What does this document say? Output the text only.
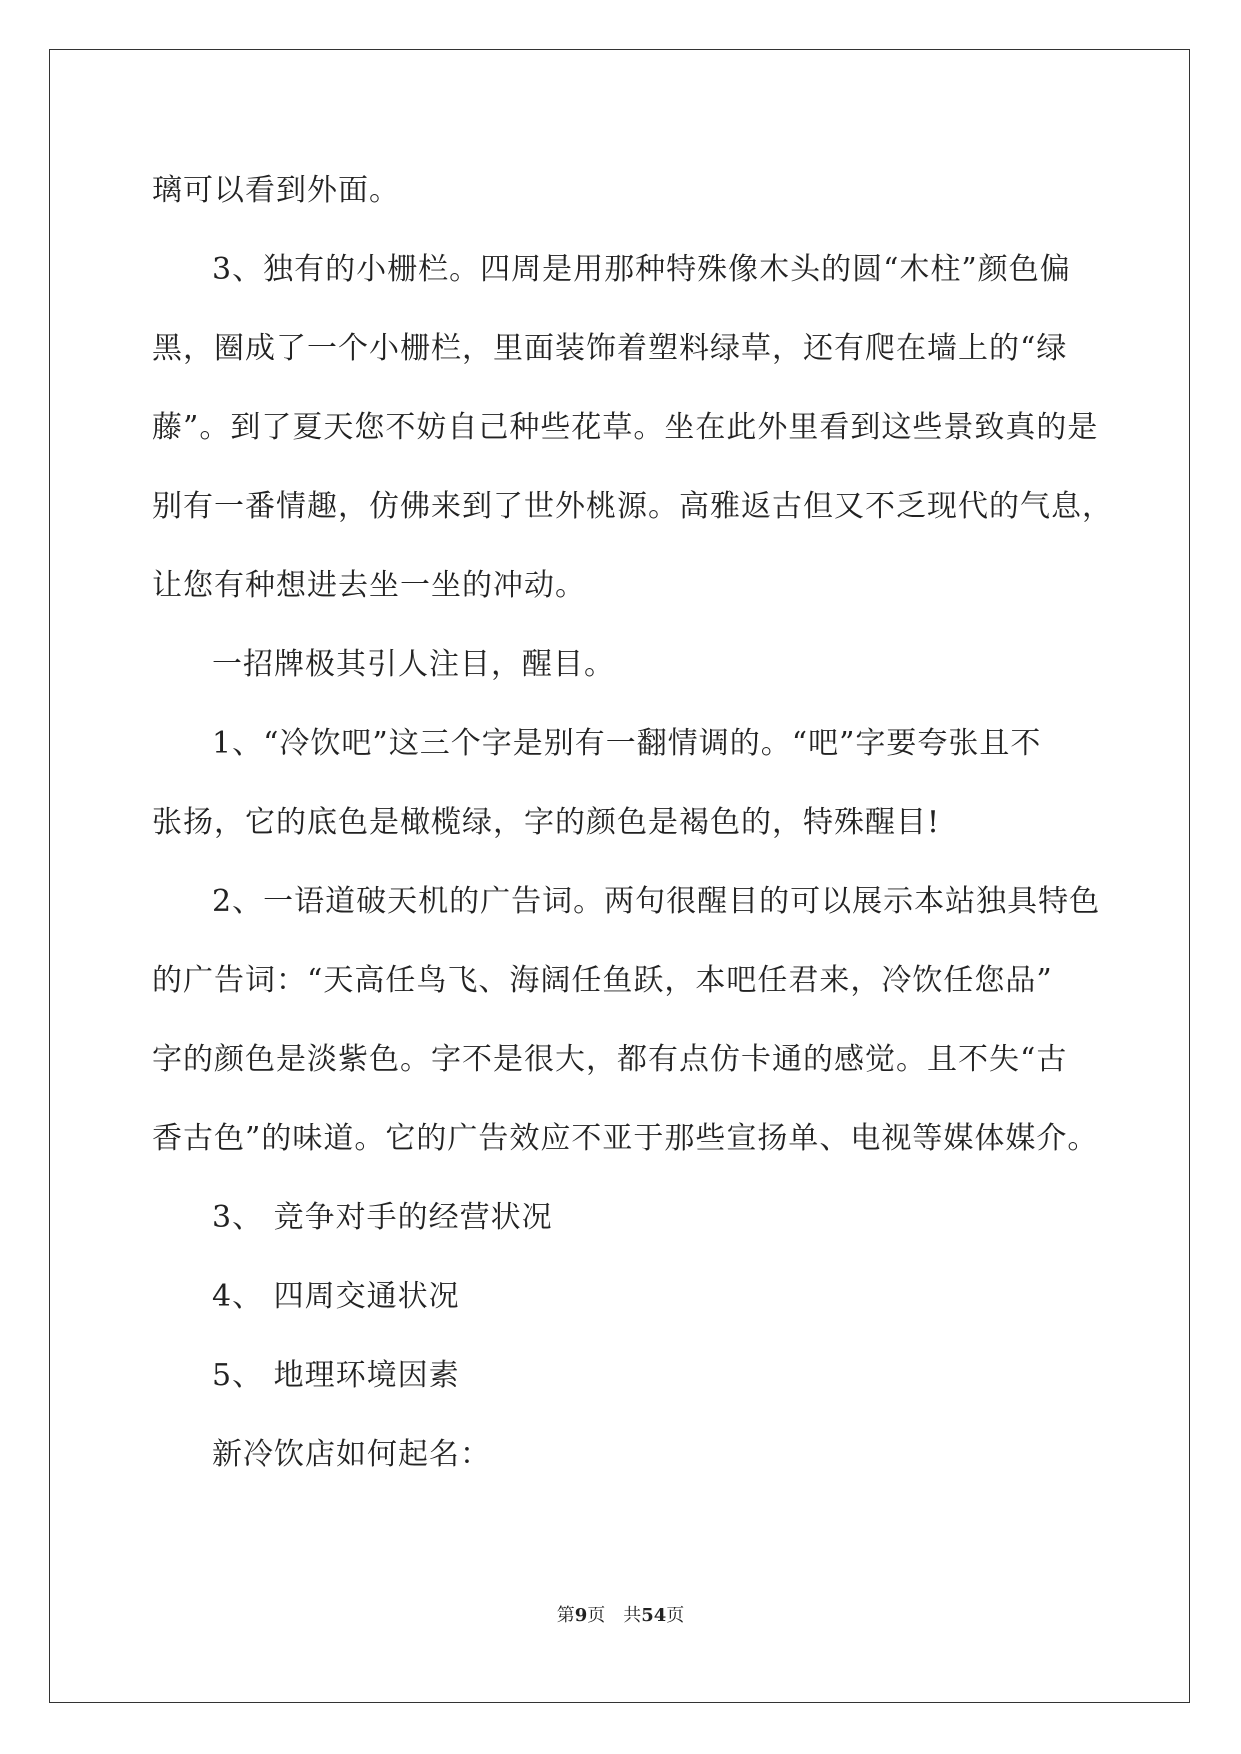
璃可以看到外面。
3、独有的小栅栏。四周是用那种特殊像木头的圆“木柱”颜色偏
黑，圈成了一个小栅栏，里面装饰着塑料绿草，还有爬在墙上的“绿
藤”。到了夏天您不妨自己种些花草。坐在此外里看到这些景致真的是
别有一番情趣，仿佛来到了世外桃源。高雅返古但又不乏现代的气息，
让您有种想进去坐一坐的冲动。
一招牌极其引人注目，醒目。
1、“冷饮吧”这三个字是别有一翻情调的。“吧”字要夸张且不
张扬，它的底色是橄榄绿，字的颜色是褐色的，特殊醒目!
2、一语道破天机的广告词。两句很醒目的可以展示本站独具特色
的广告词：“天高任鸟飞、海阔任鱼跃，本吧任君来，冷饮任您品”
字的颜色是淡紫色。字不是很大，都有点仿卡通的感觉。且不失“古
香古色”的味道。它的广告效应不亚于那些宣扬单、电视等媒体媒介。
3、 竞争对手的经营状况
4、 四周交通状况
5、 地理环境因素
新冷饮店如何起名：
第9页 共54页
